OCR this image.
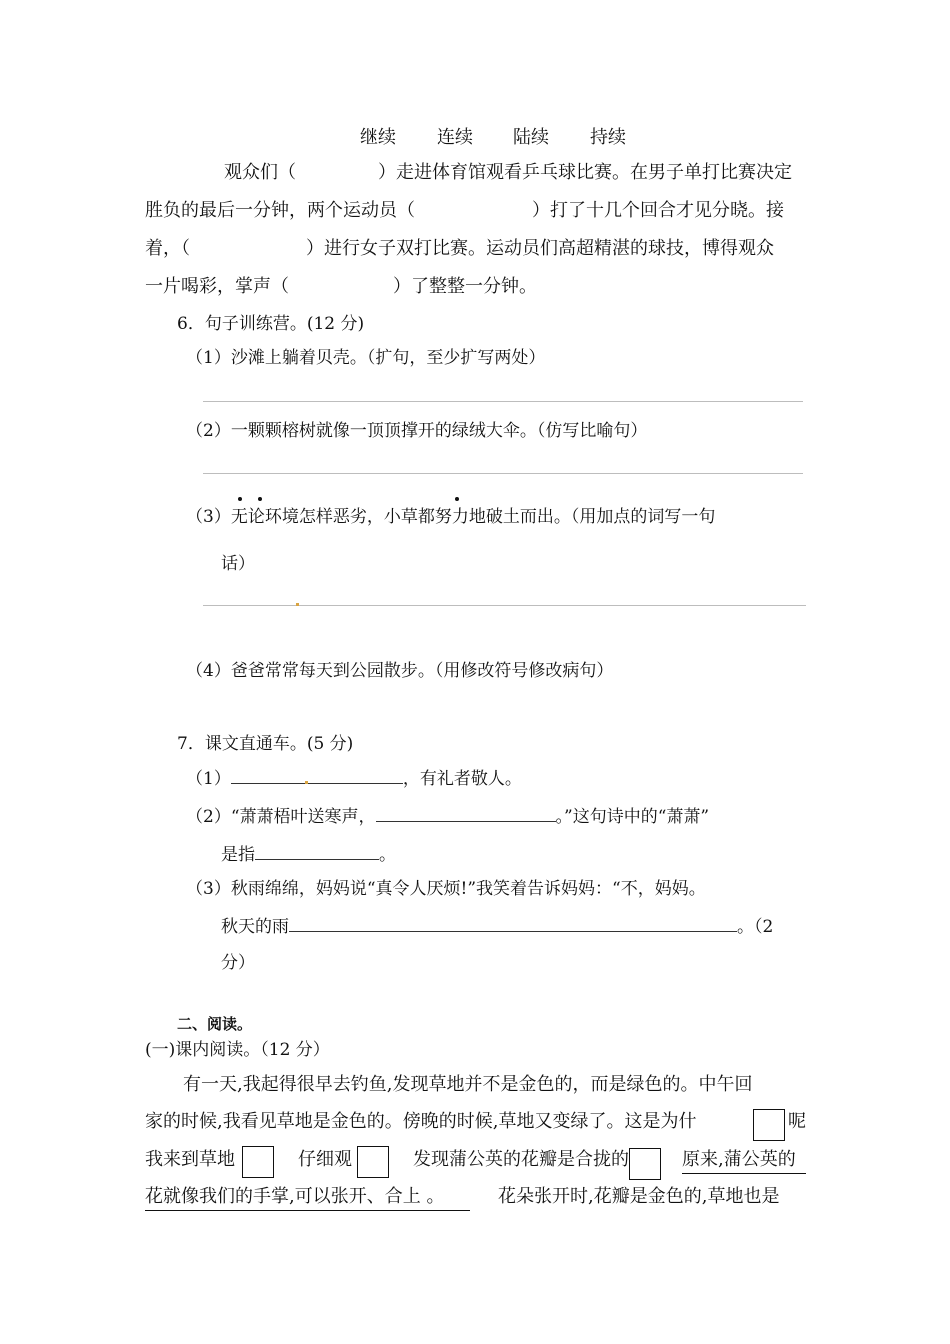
继续 连续 陆续 持续
观众们（	）走进体育馆观看乒乓球比赛。在男子单打比赛决定
胜负的最后一分钟，两个运动员（	）打了十几个回合才见分晓。接
着，（	）进行女子双打比赛。运动员们高超精湛的球技，博得观众
一片喝彩，掌声（	）了整整一分钟。
6．句子训练营。(12 分)
（1）沙滩上躺着贝壳。（扩句，至少扩写两处）
（2）一颗颗榕树就像一顶顶撑开的绿绒大伞。（仿写比喻句）
（3）无论环境怎样恶劣，小草都努力地破土而出。（用加点的词写一句
话）
（4）爸爸常常每天到公园散步。（用修改符号修改病句）
7．课文直通车。(5 分)
（1）	，有礼者敬人。
（2）“萧萧梧叶送寒声，	。”这句诗中的“萧萧”
是指	。
（3）秋雨绵绵，妈妈说“真令人厌烦!”我笑着告诉妈妈：“不，妈妈。
秋天的雨	。（2
分）
二、阅读。
(一)课内阅读。（12 分）
有一天,我起得很早去钓鱼,发现草地并不是金色的，而是绿色的。中午回
家的时候,我看见草地是金色的。傍晚的时候,草地又变绿了。这是为什	呢
我来到草地	仔细观	发现蒲公英的花瓣是合拢的	原来,蒲公英的
花就像我们的手掌,可以张开、合上 。	花朵张开时,花瓣是金色的,草地也是
